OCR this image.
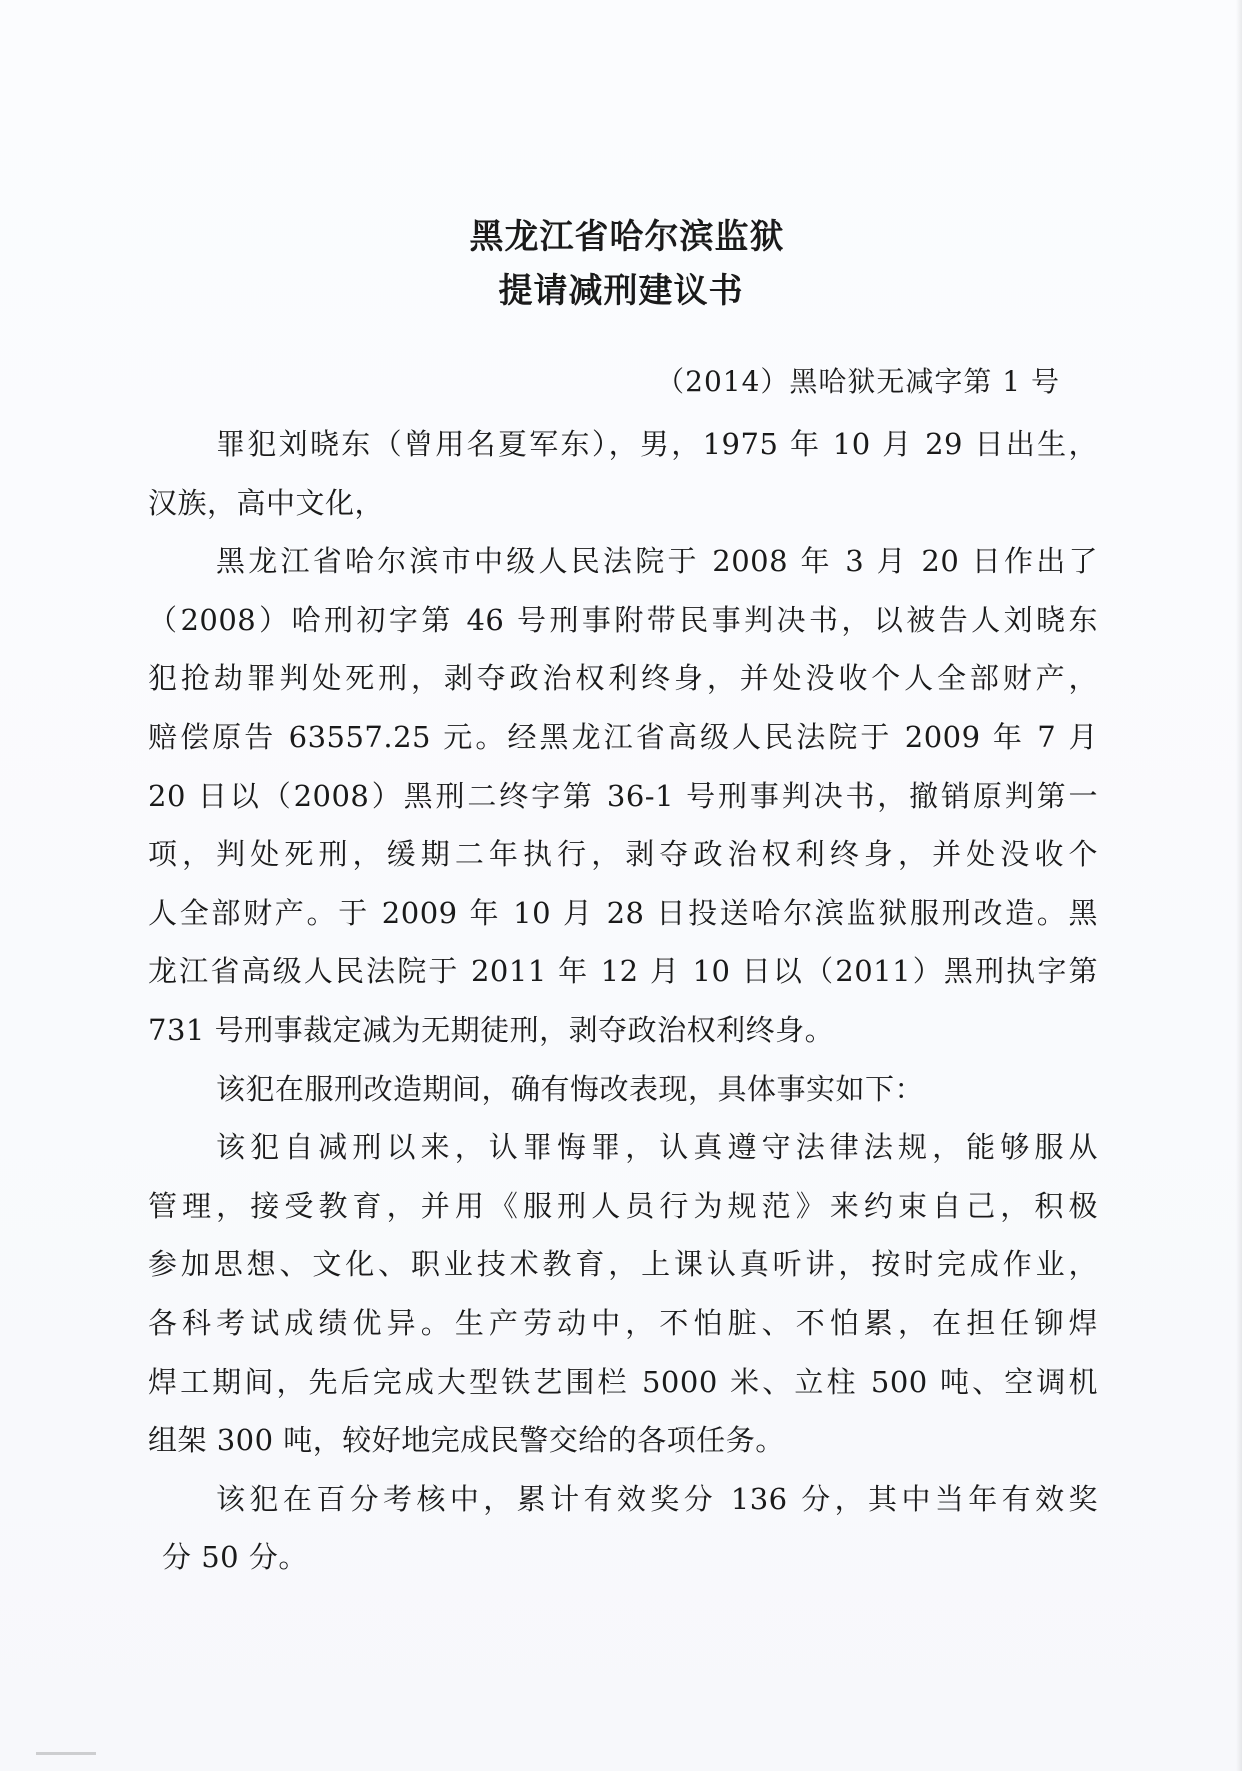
黑龙江省哈尔滨监狱
提请减刑建议书
（2014）黑哈狱无减字第 1 号
罪犯刘晓东（曾用名夏军东），男，1975 年 10 月 29 日出生，
汉族，高中文化，
黑龙江省哈尔滨市中级人民法院于 2008 年 3 月 20 日作出了
（2008）哈刑初字第 46 号刑事附带民事判决书，以被告人刘晓东
犯抢劫罪判处死刑，剥夺政治权利终身，并处没收个人全部财产，
赔偿原告 63557.25 元。经黑龙江省高级人民法院于 2009 年 7 月
20 日以（2008）黑刑二终字第 36-1 号刑事判决书，撤销原判第一
项，判处死刑，缓期二年执行，剥夺政治权利终身，并处没收个
人全部财产。于 2009 年 10 月 28 日投送哈尔滨监狱服刑改造。黑
龙江省高级人民法院于 2011 年 12 月 10 日以（2011）黑刑执字第
731 号刑事裁定减为无期徒刑，剥夺政治权利终身。
该犯在服刑改造期间，确有悔改表现，具体事实如下：
该犯自减刑以来，认罪悔罪，认真遵守法律法规，能够服从
管理，接受教育，并用《服刑人员行为规范》来约束自己，积极
参加思想、文化、职业技术教育，上课认真听讲，按时完成作业，
各科考试成绩优异。生产劳动中，不怕脏、不怕累，在担任铆焊
焊工期间，先后完成大型铁艺围栏 5000 米、立柱 500 吨、空调机
组架 300 吨，较好地完成民警交给的各项任务。
该犯在百分考核中，累计有效奖分 136 分，其中当年有效奖
分 50 分。
